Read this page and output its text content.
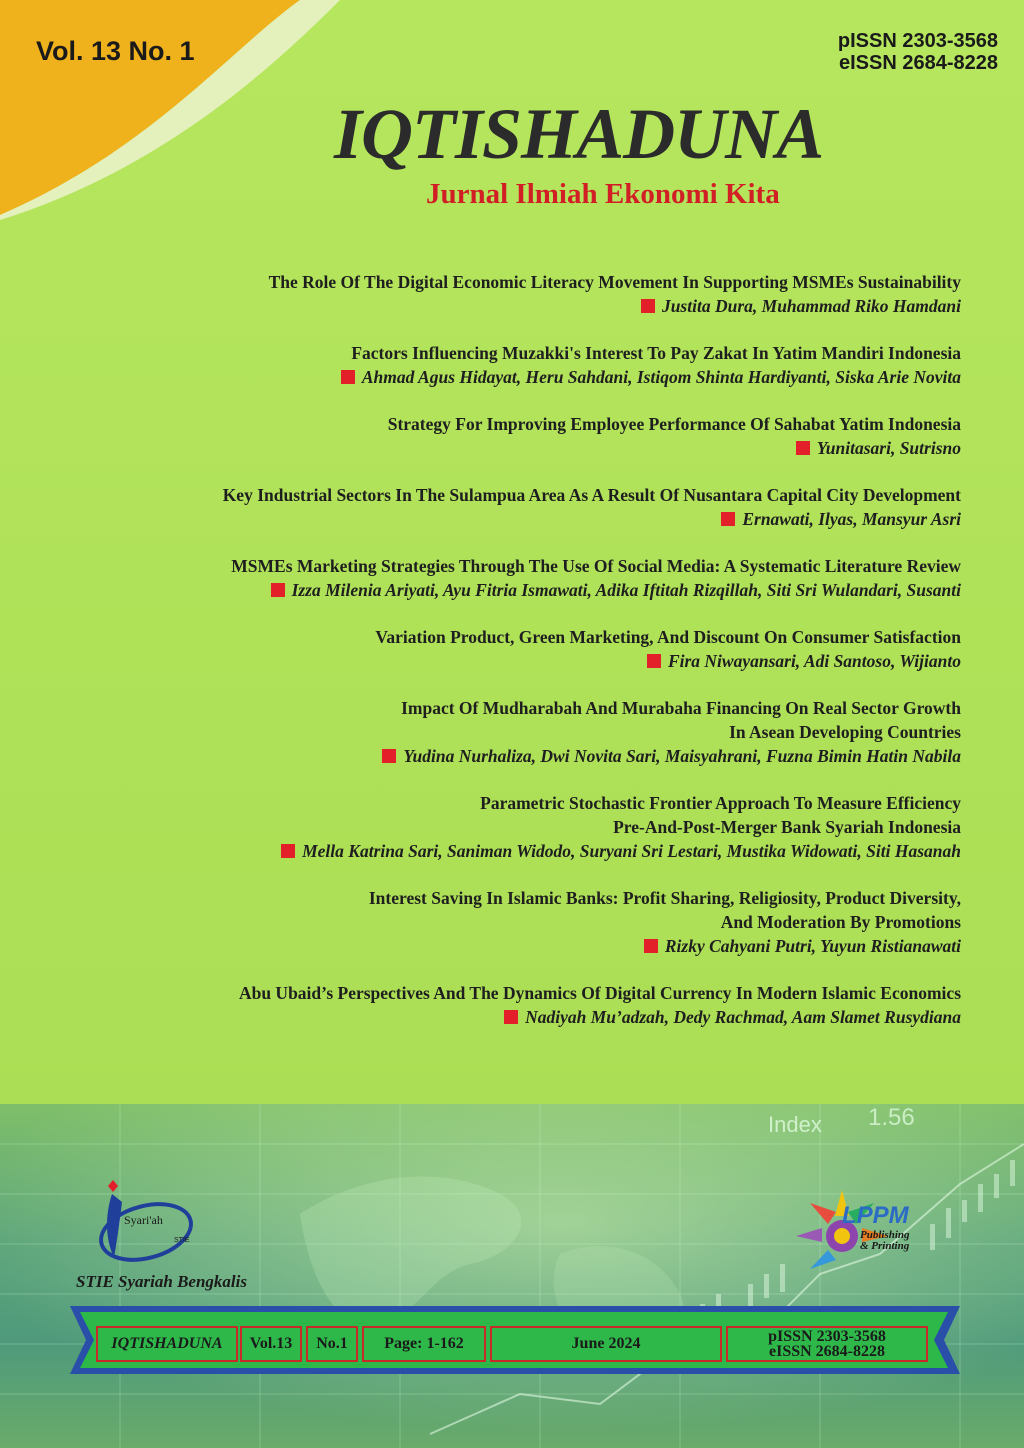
Vol. 13 No. 1	pISSN 2303-3568
eISSN 2684-8228
IQTISHADUNA
Jurnal Ilmiah Ekonomi Kita
The Role Of The Digital Economic Literacy Movement In Supporting MSMEs Sustainability
Justita Dura, Muhammad Riko Hamdani
Factors Influencing Muzakki's Interest To Pay Zakat In Yatim Mandiri Indonesia
Ahmad Agus Hidayat, Heru Sahdani, Istiqom Shinta Hardiyanti, Siska Arie Novita
Strategy For Improving Employee Performance Of Sahabat Yatim Indonesia
Yunitasari, Sutrisno
Key Industrial Sectors In The Sulampua Area As A Result Of Nusantara Capital City Development
Ernawati, Ilyas, Mansyur Asri
MSMEs Marketing Strategies Through The Use Of Social Media: A Systematic Literature Review
Izza Milenia Ariyati, Ayu Fitria Ismawati, Adika Iftitah Rizqillah, Siti Sri Wulandari, Susanti
Variation Product, Green Marketing, And Discount On Consumer Satisfaction
Fira Niwayansari, Adi Santoso, Wijianto
Impact Of Mudharabah And Murabaha Financing On Real Sector Growth
In Asean Developing Countries
Yudina Nurhaliza, Dwi Novita Sari, Maisyahrani, Fuzna Bimin Hatin Nabila
Parametric Stochastic Frontier Approach To Measure Efficiency
Pre-And-Post-Merger Bank Syariah Indonesia
Mella Katrina Sari, Saniman Widodo, Suryani Sri Lestari, Mustika Widowati, Siti Hasanah
Interest Saving In Islamic Banks: Profit Sharing, Religiosity, Product Diversity,
And Moderation By Promotions
Rizky Cahyani Putri, Yuyun Ristianawati
Abu Ubaid’s Perspectives And The Dynamics Of Digital Currency In Modern Islamic Economics
Nadiyah Mu’adzah, Dedy Rachmad, Aam Slamet Rusydiana
Index 1.56
Syari'ah
STIE
STIE Syariah Bengkalis
LPPM
Publishing
& Printing
IQTISHADUNA	Vol.13	No.1	Page: 1-162	June 2024	pISSN 2303-3568
eISSN 2684-8228
